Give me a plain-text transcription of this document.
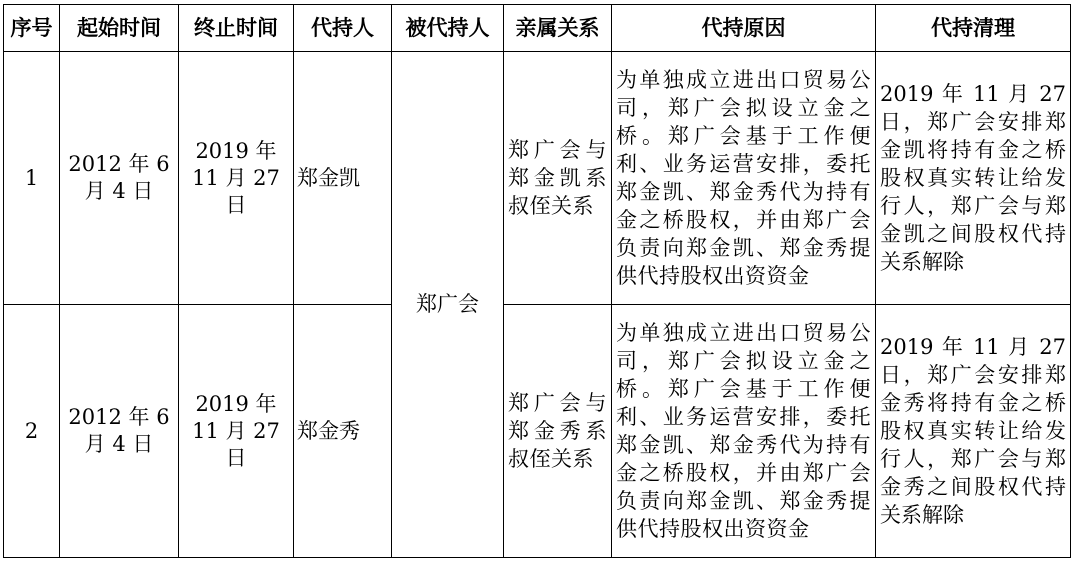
序号	起始时间	终止时间	代持人	被代持人	亲属关系	代持原因	代持清理
1	2012 年 6 月 4 日	2019 年 11 月 27 日	郑金凯	郑广会	郑广会与郑金凯系叔侄关系	为单独成立进出口贸易公司，郑广会拟设立金之桥。郑广会基于工作便利、业务运营安排，委托郑金凯、郑金秀代为持有金之桥股权，并由郑广会负责向郑金凯、郑金秀提供代持股权出资资金	2019 年 11 月 27 日，郑广会安排郑金凯将持有金之桥股权真实转让给发行人，郑广会与郑金凯之间股权代持关系解除
2	2012 年 6 月 4 日	2019 年 11 月 27 日	郑金秀		郑广会与郑金秀系叔侄关系	为单独成立进出口贸易公司，郑广会拟设立金之桥。郑广会基于工作便利、业务运营安排，委托郑金凯、郑金秀代为持有金之桥股权，并由郑广会负责向郑金凯、郑金秀提供代持股权出资资金	2019 年 11 月 27 日，郑广会安排郑金秀将持有金之桥股权真实转让给发行人，郑广会与郑金秀之间股权代持关系解除
